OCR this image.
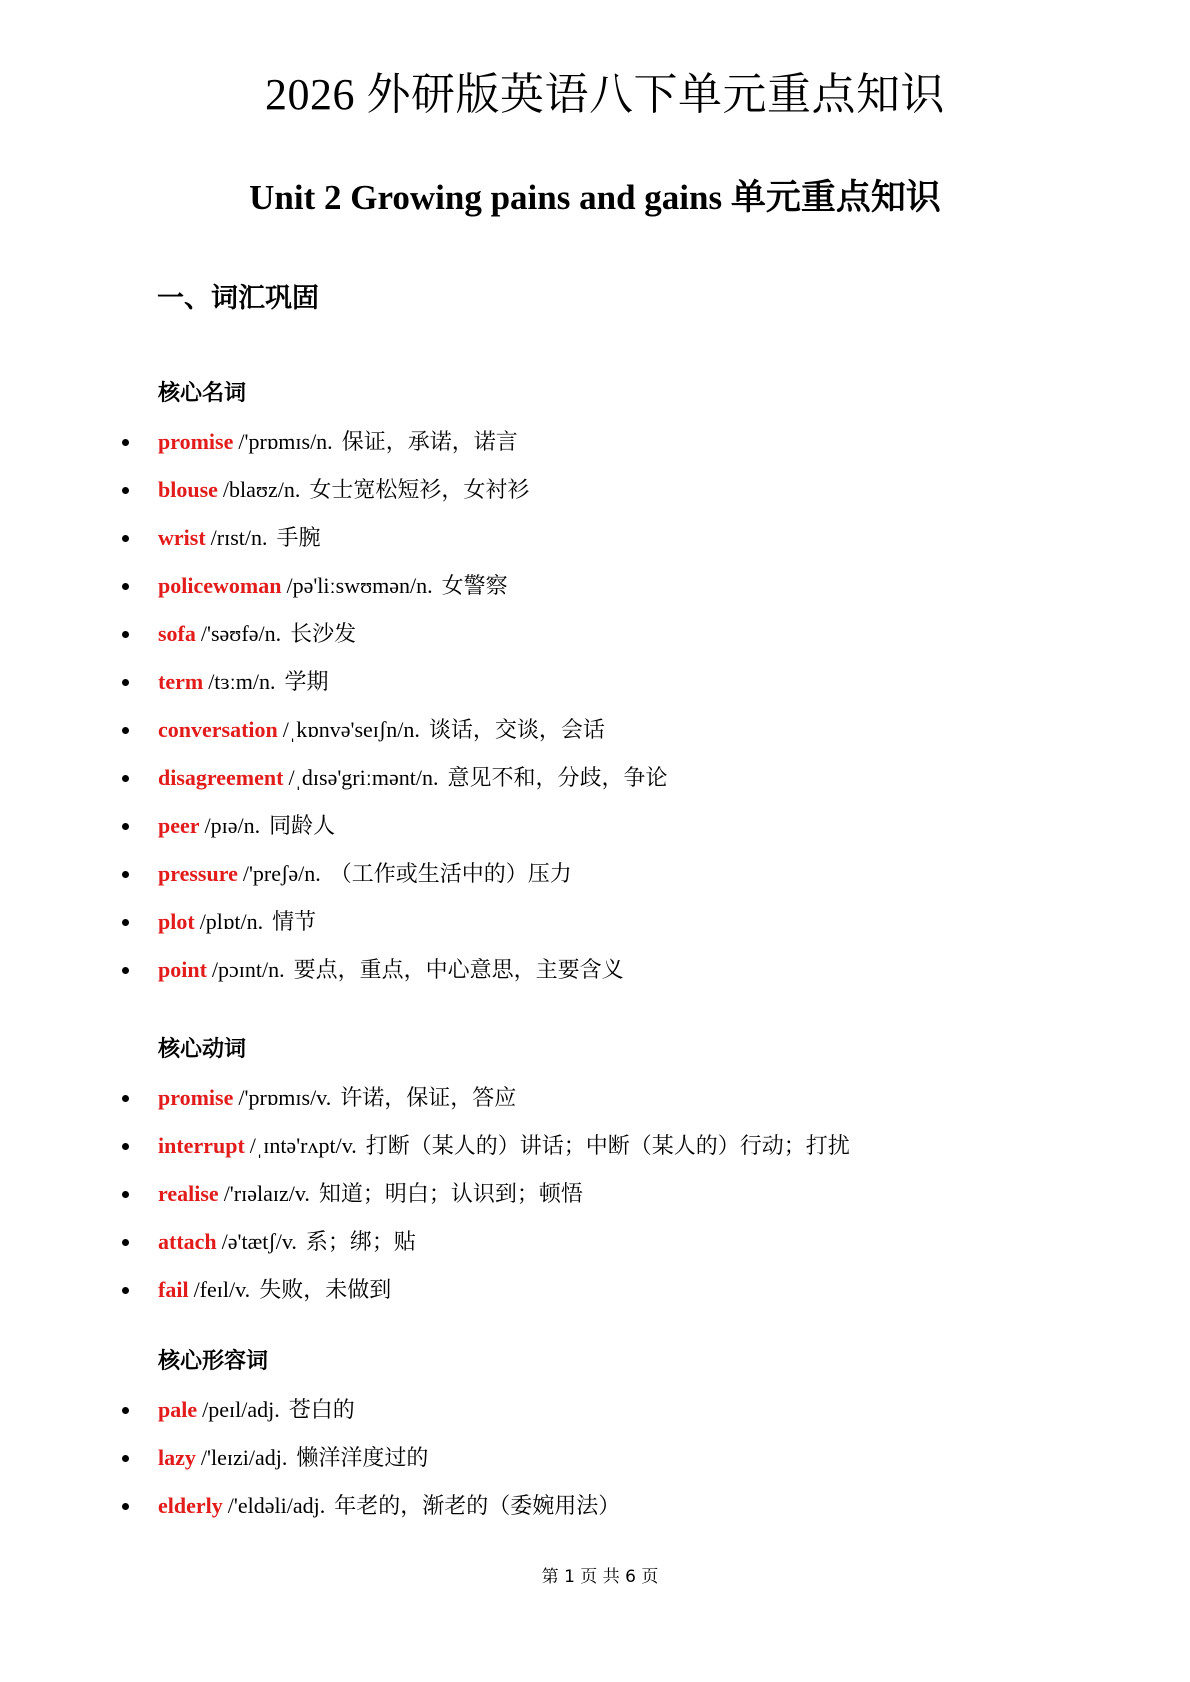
2026 外研版英语八下单元重点知识
Unit 2 Growing pains and gains 单元重点知识
一、词汇巩固
核心名词
promise /'prɒmɪs/n. 保证，承诺，诺言
blouse /blaʊz/n. 女士宽松短衫，女衬衫
wrist /rɪst/n. 手腕
policewoman /pə'liːswʊmən/n. 女警察
sofa /'səʊfə/n. 长沙发
term /tɜːm/n. 学期
conversation /ˌkɒnvə'seɪʃn/n. 谈话，交谈，会话
disagreement /ˌdɪsə'griːmənt/n. 意见不和，分歧，争论
peer /pɪə/n. 同龄人
pressure /'preʃə/n. （工作或生活中的）压力
plot /plɒt/n. 情节
point /pɔɪnt/n. 要点，重点，中心意思，主要含义
核心动词
promise /'prɒmɪs/v. 许诺，保证，答应
interrupt /ˌɪntə'rʌpt/v. 打断（某人的）讲话；中断（某人的）行动；打扰
realise /'rɪəlaɪz/v. 知道；明白；认识到；顿悟
attach /ə'tætʃ/v. 系；绑；贴
fail /feɪl/v. 失败，未做到
核心形容词
pale /peɪl/adj. 苍白的
lazy /'leɪzi/adj. 懒洋洋度过的
elderly /'eldəli/adj. 年老的，渐老的（委婉用法）
第 1 页 共 6 页
